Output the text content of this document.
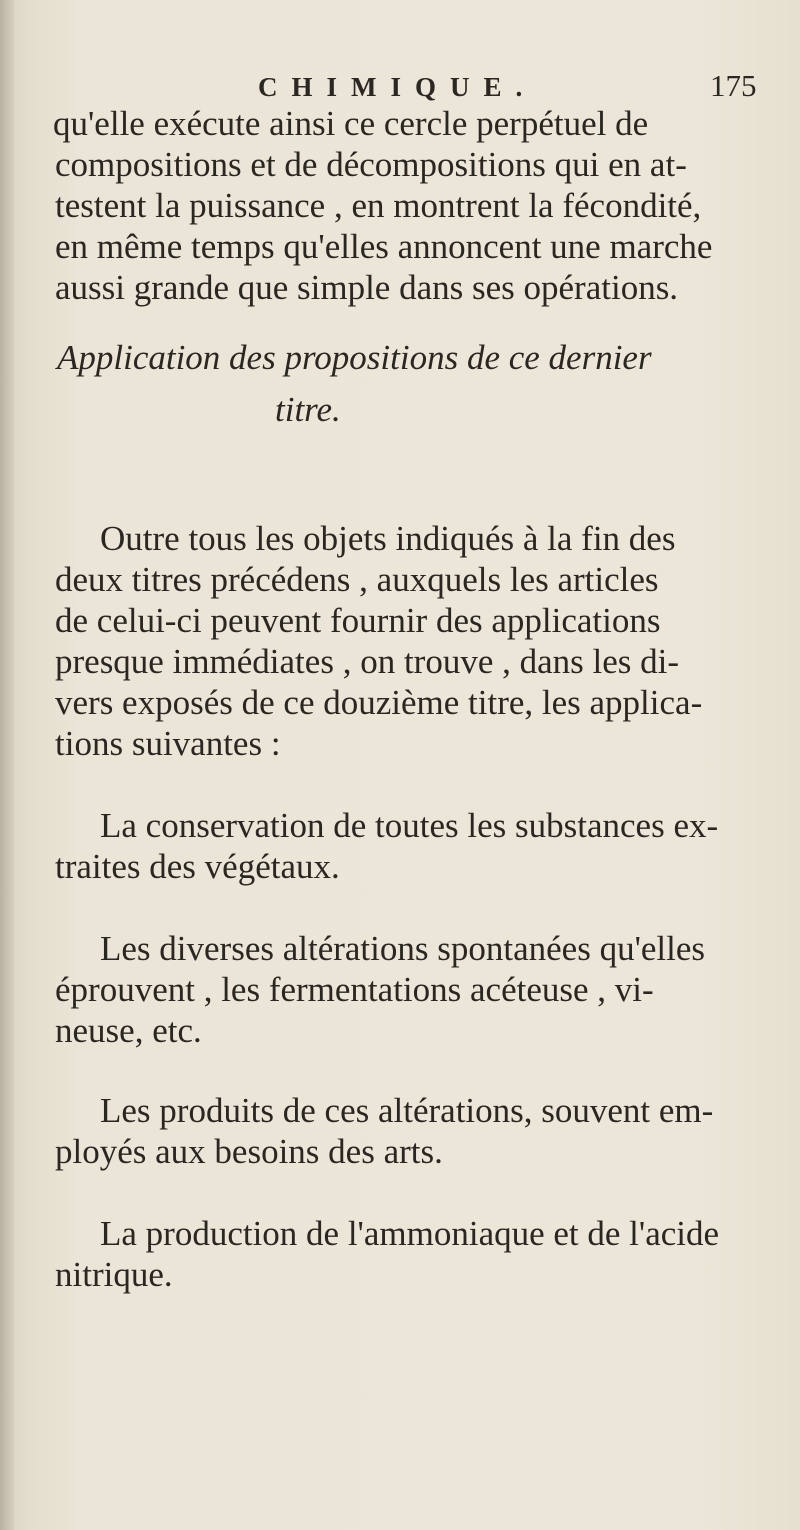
CHIMIQUE.	175
qu'elle exécute ainsi ce cercle perpétuel de
compositions et de décompositions qui en at-
testent la puissance , en montrent la fécondité,
en même temps qu'elles annoncent une marche
aussi grande que simple dans ses opérations.
Application des propositions de ce dernier
titre.
Outre tous les objets indiqués à la fin des
deux titres précédens , auxquels les articles
de celui-ci peuvent fournir des applications
presque immédiates , on trouve , dans les di-
vers exposés de ce douzième titre, les applica-
tions suivantes :
La conservation de toutes les substances ex-
traites des végétaux.
Les diverses altérations spontanées qu'elles
éprouvent , les fermentations acéteuse , vi-
neuse, etc.
Les produits de ces altérations, souvent em-
ployés aux besoins des arts.
La production de l'ammoniaque et de l'acide
nitrique.
